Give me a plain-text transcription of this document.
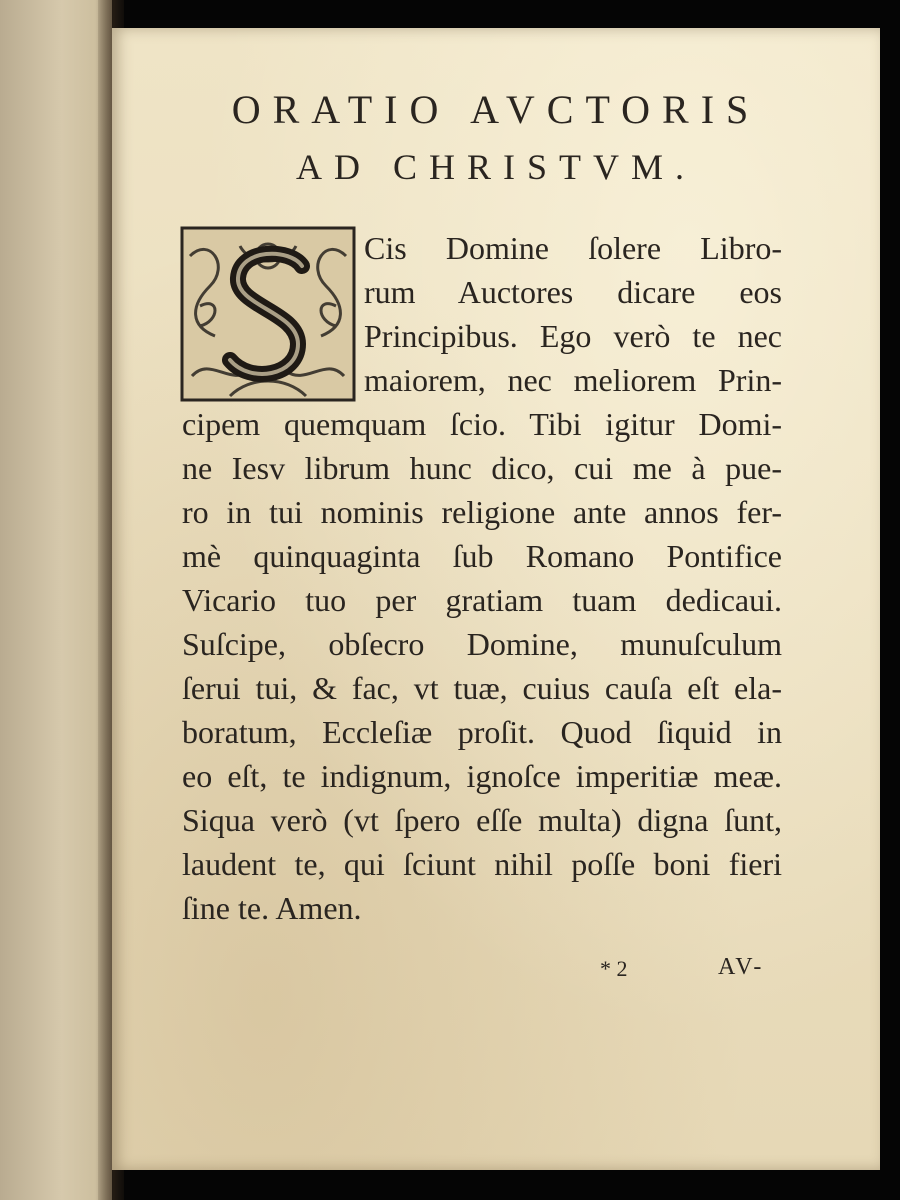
ORATIO AVCTORIS
AD CHRISTVM.
S	Cis Domine ſolere Libro-
rum Auctores dicare eos
Principibus. Ego verò te nec
maiorem, nec meliorem Prin-
cipem quemquam ſcio. Tibi igitur Domi-
ne Iesv librum hunc dico, cui me à pue-
ro in tui nominis religione ante annos fer-
mè quinquaginta ſub Romano Pontifice
Vicario tuo per gratiam tuam dedicaui.
Suſcipe, obſecro Domine, munuſculum
ſerui tui, & fac, vt tuæ, cuius cauſa eſt ela-
boratum, Eccleſiæ proſit. Quod ſiquid in
eo eſt, te indignum, ignoſce imperitiæ meæ.
Siqua verò (vt ſpero eſſe multa) digna ſunt,
laudent te, qui ſciunt nihil poſſe boni fieri
ſine te. Amen.
* 2	AV-
